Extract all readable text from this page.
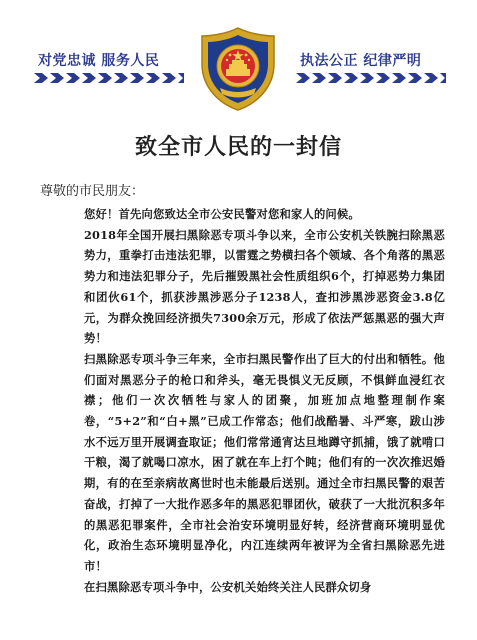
对党忠诚 服务人民	执法公正 纪律严明
致全市人民的一封信
尊敬的市民朋友：

您好！首先向您致达全市公安民警对您和家人的问候。

2018年全国开展扫黑除恶专项斗争以来，全市公安机关铁腕扫除黑恶势力，重拳打击违法犯罪，以雷霆之势横扫各个领域、各个角落的黑恶势力和违法犯罪分子，先后摧毁黑社会性质组织6个，打掉恶势力集团和团伙61个，抓获涉黑涉恶分子1238人，查扣涉黑涉恶资金3.8亿元，为群众挽回经济损失7300余万元，形成了依法严惩黑恶的强大声势！

扫黑除恶专项斗争三年来，全市扫黑民警作出了巨大的付出和牺牲。他们面对黑恶分子的枪口和斧头，毫无畏惧义无反顾，不惧鲜血浸红衣襟；他们一次次牺牲与家人的团聚，加班加点地整理制作案卷，“5+2”和“白+黑”已成工作常态；他们战酷暑、斗严寒，跋山涉水不远万里开展调查取证；他们常常通宵达旦地蹲守抓捕，饿了就啃口干粮，渴了就喝口凉水，困了就在车上打个盹；他们有的一次次推迟婚期，有的在至亲病故离世时也未能最后送别。通过全市扫黑民警的艰苦奋战，打掉了一大批作恶多年的黑恶犯罪团伙，破获了一大批沉积多年的黑恶犯罪案件，全市社会治安环境明显好转，经济营商环境明显优化，政治生态环境明显净化，内江连续两年被评为全省扫黑除恶先进市！

在扫黑除恶专项斗争中，公安机关始终关注人民群众切身
